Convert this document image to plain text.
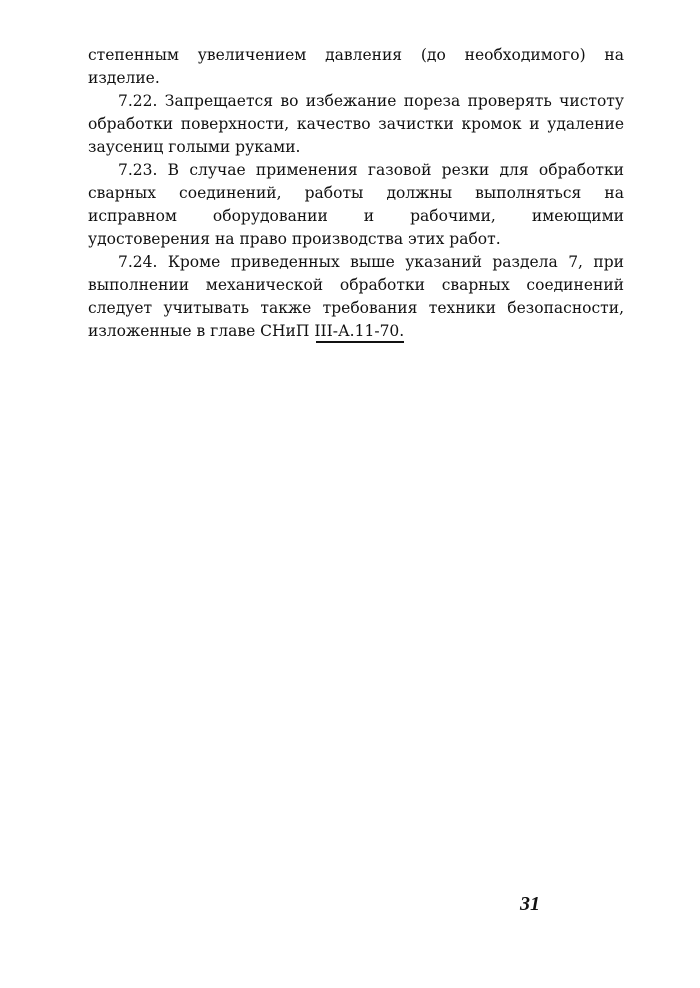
степенным увеличением давления (до необходимого) на изделие.

7.22. Запрещается во избежание пореза проверять чистоту обработки поверхности, качество зачистки кромок и удаление заусениц голыми руками.

7.23. В случае применения газовой резки для обработки сварных соединений, работы должны выполняться на исправном оборудовании и рабочими, имеющими удостоверения на право производства этих работ.

7.24. Кроме приведенных выше указаний раздела 7, при выполнении механической обработки сварных соединений следует учитывать также требования техники безопасности, изложенные в главе СНиП III-А.11-70.

31
